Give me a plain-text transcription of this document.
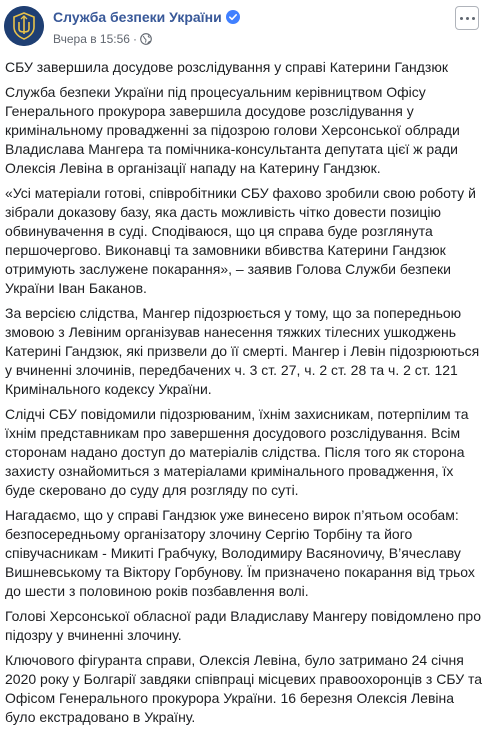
Служба безпеки України
Вчера в 15:56 ·

СБУ завершила досудове розслідування у справі Катерини Гандзюк

Служба безпеки України під процесуальним керівництвом Офісу Генерального прокурора завершила досудове розслідування у кримінальному провадженні за підозрою голови Херсонської облради Владислава Мангера та помічника-консультанта депутата цієї ж ради Олексія Левіна в організації нападу на Катерину Гандзюк.

«Усі матеріали готові, співробітники СБУ фахово зробили свою роботу й зібрали доказову базу, яка дасть можливість чітко довести позицію обвинувачення в суді. Сподіваюся, що ця справа буде розглянута першочергово. Виконавці та замовники вбивства Катерини Гандзюк отримують заслужене покарання», – заявив Голова Служби безпеки України Іван Баканов.

За версією слідства, Мангер підозрюється у тому, що за попередньою змовою з Левіним організував нанесення тяжких тілесних ушкоджень Катерині Гандзюк, які призвели до її смерті. Мангер і Левін підозрюються у вчиненні злочинів, передбачених ч. 3 ст. 27, ч. 2 ст. 28 та ч. 2 ст. 121 Кримінального кодексу України.

Слідчі СБУ повідомили підозрюваним, їхнім захисникам, потерпілим та їхнім представникам про завершення досудового розслідування. Всім сторонам надано доступ до матеріалів слідства. Після того як сторона захисту ознайомиться з матеріалами кримінального провадження, їх буде скеровано до суду для розгляду по суті.

Нагадаємо, що у справі Гандзюк уже винесено вирок п’ятьом особам: безпосередньому організатору злочину Сергію Торбіну та його співучасникам - Микиті Грабчуку, Володимиру Васянovичу, В’ячеславу Вишневському та Віктору Горбунову. Їм призначено покарання від трьох до шести з половиною років позбавлення волі.

Голові Херсонської обласної ради Владиславу Мангеру повідомлено про підозру у вчиненні злочину.

Ключового фігуранта справи, Олексія Левіна, було затримано 24 січня 2020 року у Болгарії завдяки співпраці місцевих правоохоронців з СБУ та Офісом Генерального прокурора України. 16 березня Олексія Левіна було екстрадовано в Україну.
